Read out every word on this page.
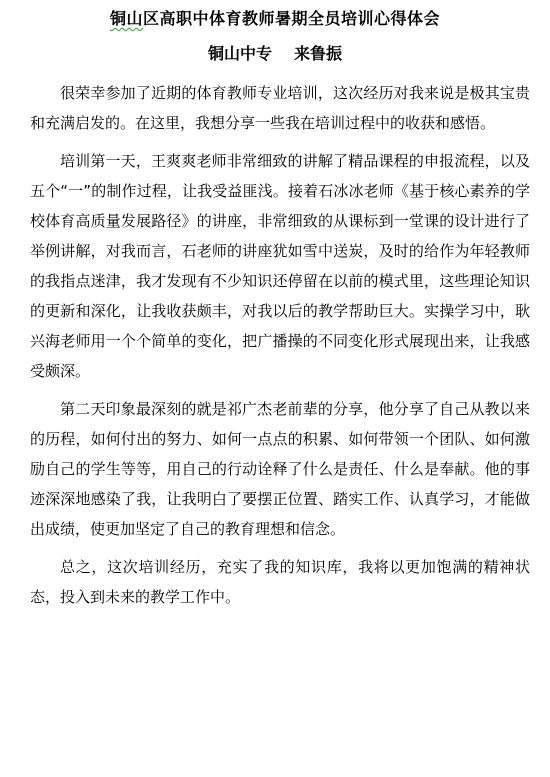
铜山区高职中体育教师暑期全员培训心得体会
铜山中专 来鲁振

很荣幸参加了近期的体育教师专业培训，这次经历对我来说是极其宝贵和充满启发的。在这里，我想分享一些我在培训过程中的收获和感悟。

培训第一天，王爽爽老师非常细致的讲解了精品课程的申报流程，以及五个“一”的制作过程，让我受益匪浅。接着石冰冰老师《基于核心素养的学校体育高质量发展路径》的讲座，非常细致的从课标到一堂课的设计进行了举例讲解，对我而言，石老师的讲座犹如雪中送炭，及时的给作为年轻教师的我指点迷津，我才发现有不少知识还停留在以前的模式里，这些理论知识的更新和深化，让我收获颇丰，对我以后的教学帮助巨大。实操学习中，耿兴海老师用一个个简单的变化，把广播操的不同变化形式展现出来，让我感受颇深。

第二天印象最深刻的就是祁广杰老前辈的分享，他分享了自己从教以来的历程，如何付出的努力、如何一点点的积累、如何带领一个团队、如何激励自己的学生等等，用自己的行动诠释了什么是责任、什么是奉献。他的事迹深深地感染了我，让我明白了要摆正位置、踏实工作、认真学习，才能做出成绩，使更加坚定了自己的教育理想和信念。

总之，这次培训经历，充实了我的知识库，我将以更加饱满的精神状态，投入到未来的教学工作中。
